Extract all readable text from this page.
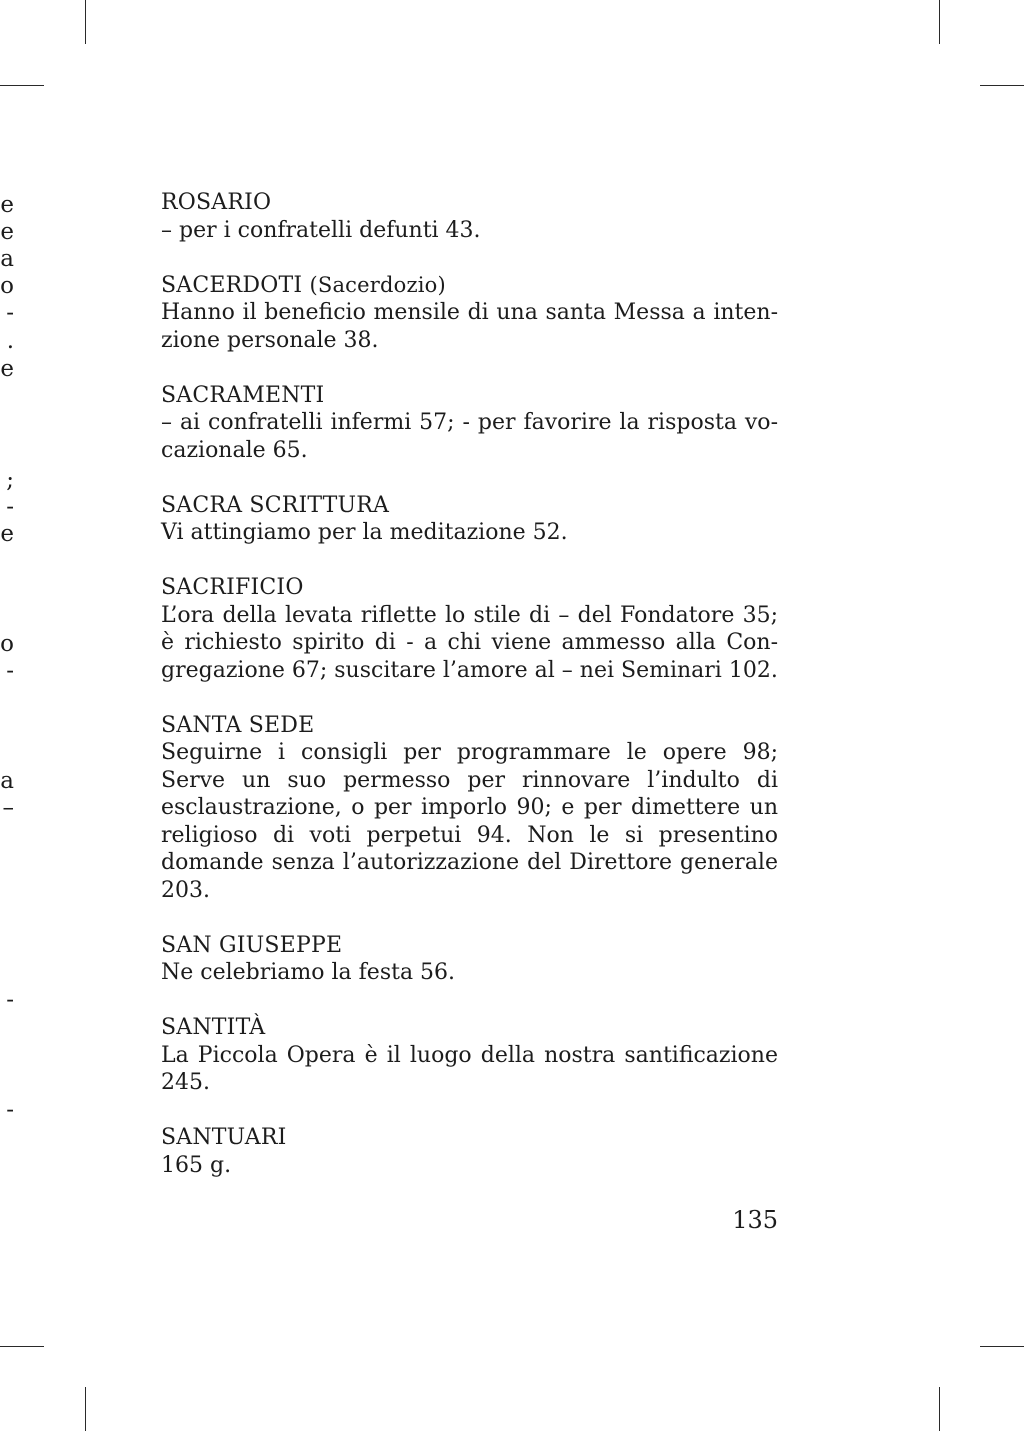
e
e
a
o
-
.
e
;
-
e
o
-
a
–
-
-
ROSARIO
– per i confratelli defunti 43.
SACERDOTI (Sacerdozio)
Hanno il beneficio mensile di una santa Messa a intenzione personale 38.
SACRAMENTI
– ai confratelli infermi 57; - per favorire la risposta vocazionale 65.
SACRA SCRITTURA
Vi attingiamo per la meditazione 52.
SACRIFICIO
L’ora della levata riflette lo stile di – del Fondatore 35; è richiesto spirito di - a chi viene ammesso alla Congregazione 67; suscitare l’amore al – nei Seminari 102.
SANTA SEDE
Seguirne i consigli per programmare le opere 98; Serve un suo permesso per rinnovare l’indulto di esclaustrazione, o per imporlo 90; e per dimettere un religioso di voti perpetui 94. Non le si presentino domande senza l’autorizzazione del Direttore generale 203.
SAN GIUSEPPE
Ne celebriamo la festa 56.
SANTITÀ
La Piccola Opera è il luogo della nostra santificazione 245.
SANTUARI
165 g.
135
